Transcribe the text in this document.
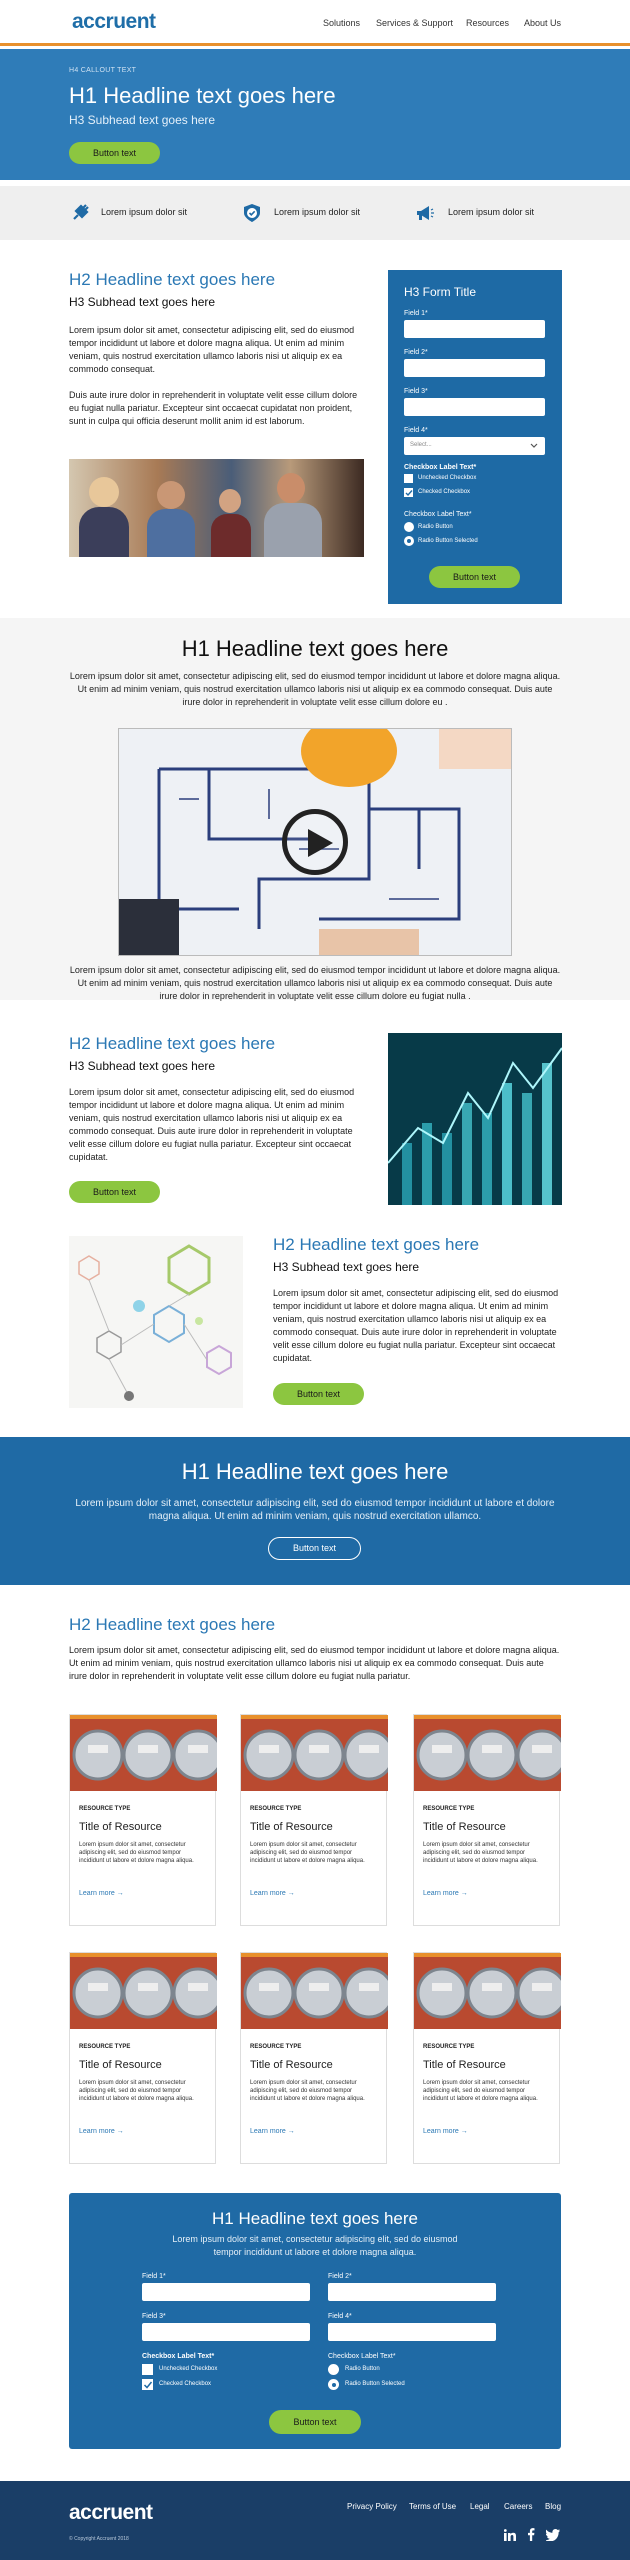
accruent	Solutions Services & Support Resources About Us
H4 CALLOUT TEXT
H1 Headline text goes here
H3 Subhead text goes here
Button text
Lorem ipsum dolor sit	Lorem ipsum dolor sit	Lorem ipsum dolor sit
H2 Headline text goes here
H3 Subhead text goes here
Lorem ipsum dolor sit amet, consectetur adipiscing elit, sed do eiusmod tempor incididunt ut labore et dolore magna aliqua. Ut enim ad minim veniam, quis nostrud exercitation ullamco laboris nisi ut aliquip ex ea commodo consequat.
Duis aute irure dolor in reprehenderit in voluptate velit esse cillum dolore eu fugiat nulla pariatur. Excepteur sint occaecat cupidatat non proident, sunt in culpa qui officia deserunt mollit anim id est laborum.
H3 Form Title
Field 1*
Field 2*
Field 3*
Field 4*
Select...
Checkbox Label Text*
Unchecked Checkbox
Checked Checkbox
Checkbox Label Text*
Radio Button
Radio Button Selected
Button text
H1 Headline text goes here
Lorem ipsum dolor sit amet, consectetur adipiscing elit, sed do eiusmod tempor incididunt ut labore et dolore magna aliqua. Ut enim ad minim veniam, quis nostrud exercitation ullamco laboris nisi ut aliquip ex ea commodo consequat. Duis aute irure dolor in reprehenderit in voluptate velit esse cillum dolore eu .
Lorem ipsum dolor sit amet, consectetur adipiscing elit, sed do eiusmod tempor incididunt ut labore et dolore magna aliqua. Ut enim ad minim veniam, quis nostrud exercitation ullamco laboris nisi ut aliquip ex ea commodo consequat. Duis aute irure dolor in reprehenderit in voluptate velit esse cillum dolore eu fugiat nulla .
H2 Headline text goes here
H3 Subhead text goes here
Lorem ipsum dolor sit amet, consectetur adipiscing elit, sed do eiusmod tempor incididunt ut labore et dolore magna aliqua. Ut enim ad minim veniam, quis nostrud exercitation ullamco laboris nisi ut aliquip ex ea commodo consequat. Duis aute irure dolor in reprehenderit in voluptate velit esse cillum dolore eu fugiat nulla pariatur. Excepteur sint occaecat cupidatat.
Button text
H2 Headline text goes here
H3 Subhead text goes here
Lorem ipsum dolor sit amet, consectetur adipiscing elit, sed do eiusmod tempor incididunt ut labore et dolore magna aliqua. Ut enim ad minim veniam, quis nostrud exercitation ullamco laboris nisi ut aliquip ex ea commodo consequat. Duis aute irure dolor in reprehenderit in voluptate velit esse cillum dolore eu fugiat nulla pariatur. Excepteur sint occaecat cupidatat.
Button text
H1 Headline text goes here
Lorem ipsum dolor sit amet, consectetur adipiscing elit, sed do eiusmod tempor incididunt ut labore et dolore magna aliqua. Ut enim ad minim veniam, quis nostrud exercitation ullamco.
Button text
H2 Headline text goes here
Lorem ipsum dolor sit amet, consectetur adipiscing elit, sed do eiusmod tempor incididunt ut labore et dolore magna aliqua. Ut enim ad minim veniam, quis nostrud exercitation ullamco laboris nisi ut aliquip ex ea commodo consequat. Duis aute irure dolor in reprehenderit in voluptate velit esse cillum dolore eu fugiat nulla pariatur.
RESOURCE TYPE
Title of Resource
Lorem ipsum dolor sit amet, consectetur adipiscing elit, sed do eiusmod tempor incididunt ut labore et dolore magna aliqua.
Learn more →
RESOURCE TYPE
Title of Resource
Lorem ipsum dolor sit amet, consectetur adipiscing elit, sed do eiusmod tempor incididunt ut labore et dolore magna aliqua.
Learn more →
RESOURCE TYPE
Title of Resource
Lorem ipsum dolor sit amet, consectetur adipiscing elit, sed do eiusmod tempor incididunt ut labore et dolore magna aliqua.
Learn more →
RESOURCE TYPE
Title of Resource
Lorem ipsum dolor sit amet, consectetur adipiscing elit, sed do eiusmod tempor incididunt ut labore et dolore magna aliqua.
Learn more →
RESOURCE TYPE
Title of Resource
Lorem ipsum dolor sit amet, consectetur adipiscing elit, sed do eiusmod tempor incididunt ut labore et dolore magna aliqua.
Learn more →
RESOURCE TYPE
Title of Resource
Lorem ipsum dolor sit amet, consectetur adipiscing elit, sed do eiusmod tempor incididunt ut labore et dolore magna aliqua.
Learn more →
H1 Headline text goes here
Lorem ipsum dolor sit amet, consectetur adipiscing elit, sed do eiusmod tempor incididunt ut labore et dolore magna aliqua.
Field 1*	Field 2*
Field 3*	Field 4*
Checkbox Label Text*
Unchecked Checkbox
Checked Checkbox
Checkbox Label Text*
Radio Button
Radio Button Selected
Button text
accruent
© Copyright Accruent 2018
Privacy Policy Terms of Use Legal Careers Blog
